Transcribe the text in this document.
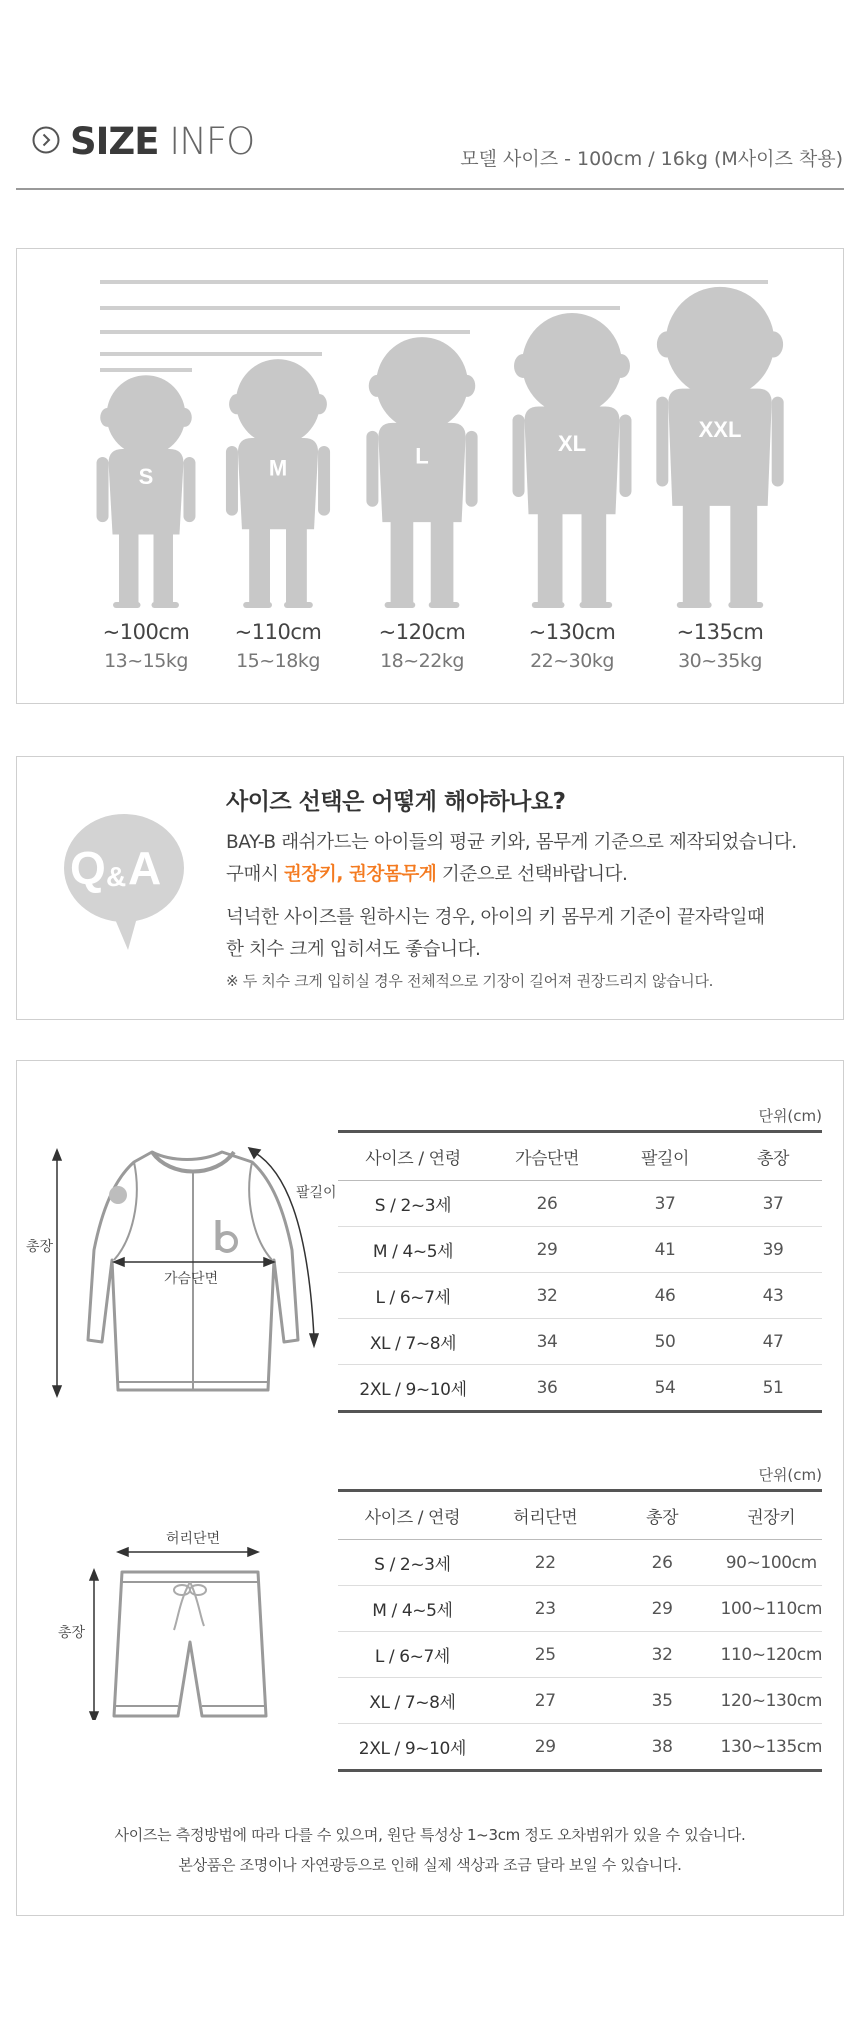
SIZE INFO	모델 사이즈 - 100cm / 16kg (M사이즈 착용)
S	M	L
XL
XXL
~100cm
13~15kg
~110cm
15~18kg
~120cm
18~22kg
~130cm
22~30kg
~135cm
30~35kg
Q & A
사이즈 선택은 어떻게 해야하나요?
BAY-B 래쉬가드는 아이들의 평균 키와, 몸무게 기준으로 제작되었습니다.
구매시 권장키, 권장몸무게 기준으로 선택바랍니다.
넉넉한 사이즈를 원하시는 경우, 아이의 키 몸무게 기준이 끝자락일때
한 치수 크게 입히셔도 좋습니다.
※ 두 치수 크게 입히실 경우 전체적으로 기장이 길어져 권장드리지 않습니다.
총장
팔길이
가슴단면
단위(cm)
사이즈 / 연령	가슴단면	팔길이	총장
S / 2~3세	26	37	37
M / 4~5세	29	41	39
L / 6~7세	32	46	43
XL / 7~8세	34	50	47
2XL / 9~10세	36	54	51
허리단면
총장
단위(cm)
사이즈 / 연령	허리단면	총장	권장키
S / 2~3세	22	26	90~100cm
M / 4~5세	23	29	100~110cm
L / 6~7세	25	32	110~120cm
XL / 7~8세	27	35	120~130cm
2XL / 9~10세	29	38	130~135cm
사이즈는 측정방법에 따라 다를 수 있으며, 원단 특성상 1~3cm 정도 오차범위가 있을 수 있습니다.
본상품은 조명이나 자연광등으로 인해 실제 색상과 조금 달라 보일 수 있습니다.
